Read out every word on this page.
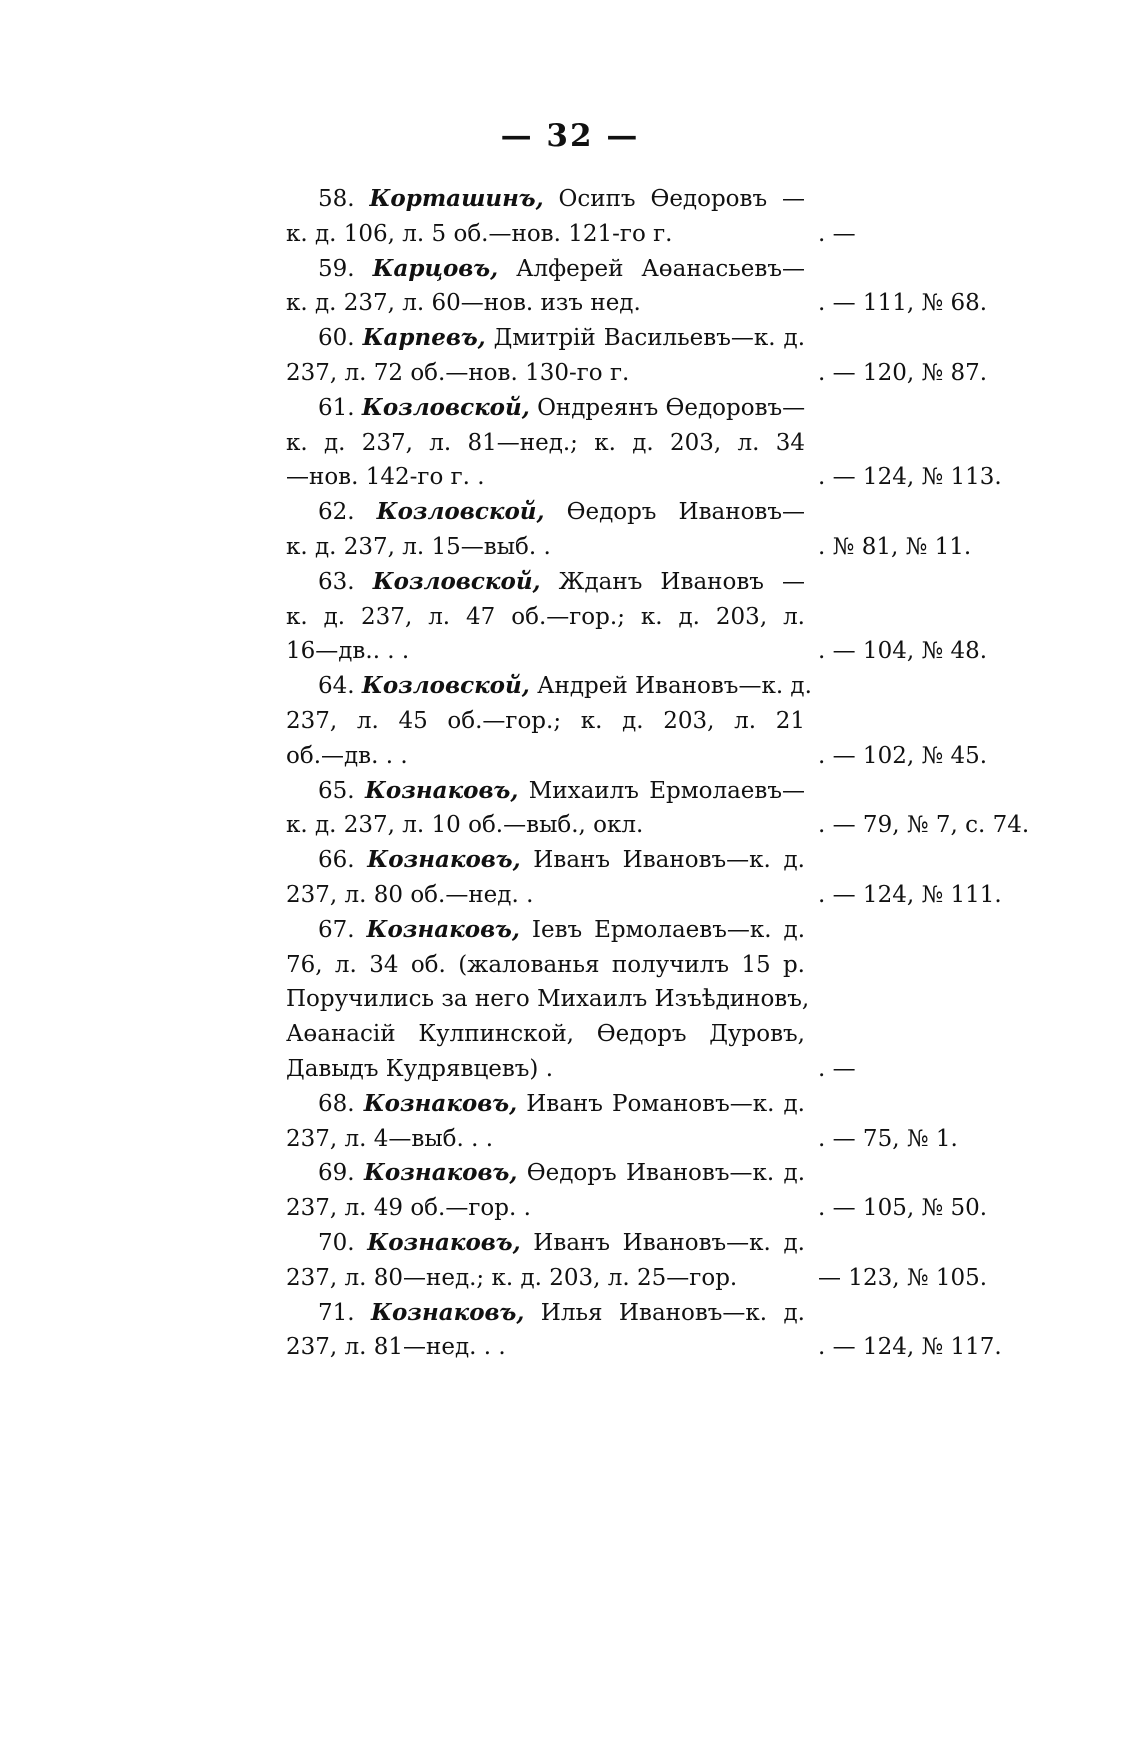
— 32 —
58. Корташинъ, Осипъ Өедоровъ —
к. д. 106, л. 5 об.—нов. 121-го г.	. —
59. Карцовъ, Алферей Аөанасьевъ—
к. д. 237, л. 60—нов. изъ нед.	. — 111, № 68.
60. Карпевъ, Дмитрій Васильевъ—к. д.
237, л. 72 об.—нов. 130-го г.	. — 120, № 87.
61. Козловской, Ондреянъ Өедоровъ—
к. д. 237, л. 81—нед.; к. д. 203, л. 34
—нов. 142-го г. .	. — 124, № 113.
62. Козловской, Өедоръ Ивановъ—
к. д. 237, л. 15—выб. .	. № 81, № 11.
63. Козловской, Жданъ Ивановъ —
к. д. 237, л. 47 об.—гор.; к. д. 203, л.
16—дв.. . .	. — 104, № 48.
64. Козловской, Андрей Ивановъ—к. д.
237, л. 45 об.—гор.; к. д. 203, л. 21
об.—дв. . .	. — 102, № 45.
65. Кознаковъ, Михаилъ Ермолаевъ—
к. д. 237, л. 10 об.—выб., окл.	. — 79, № 7, с. 74.
66. Кознаковъ, Иванъ Ивановъ—к. д.
237, л. 80 об.—нед. .	. — 124, № 111.
67. Кознаковъ, Іевъ Ермолаевъ—к. д.
76, л. 34 об. (жалованья получилъ 15 р.
Поручились за него Михаилъ Изъѣдиновъ,
Аөанасій Кулпинской, Өедоръ Дуровъ,
Давыдъ Кудрявцевъ) .	. —
68. Кознаковъ, Иванъ Романовъ—к. д.
237, л. 4—выб. . .	. — 75, № 1.
69. Кознаковъ, Өедоръ Ивановъ—к. д.
237, л. 49 об.—гор. .	. — 105, № 50.
70. Кознаковъ, Иванъ Ивановъ—к. д.
237, л. 80—нед.; к. д. 203, л. 25—гор.	— 123, № 105.
71. Кознаковъ, Илья Ивановъ—к. д.
237, л. 81—нед. . .	. — 124, № 117.
